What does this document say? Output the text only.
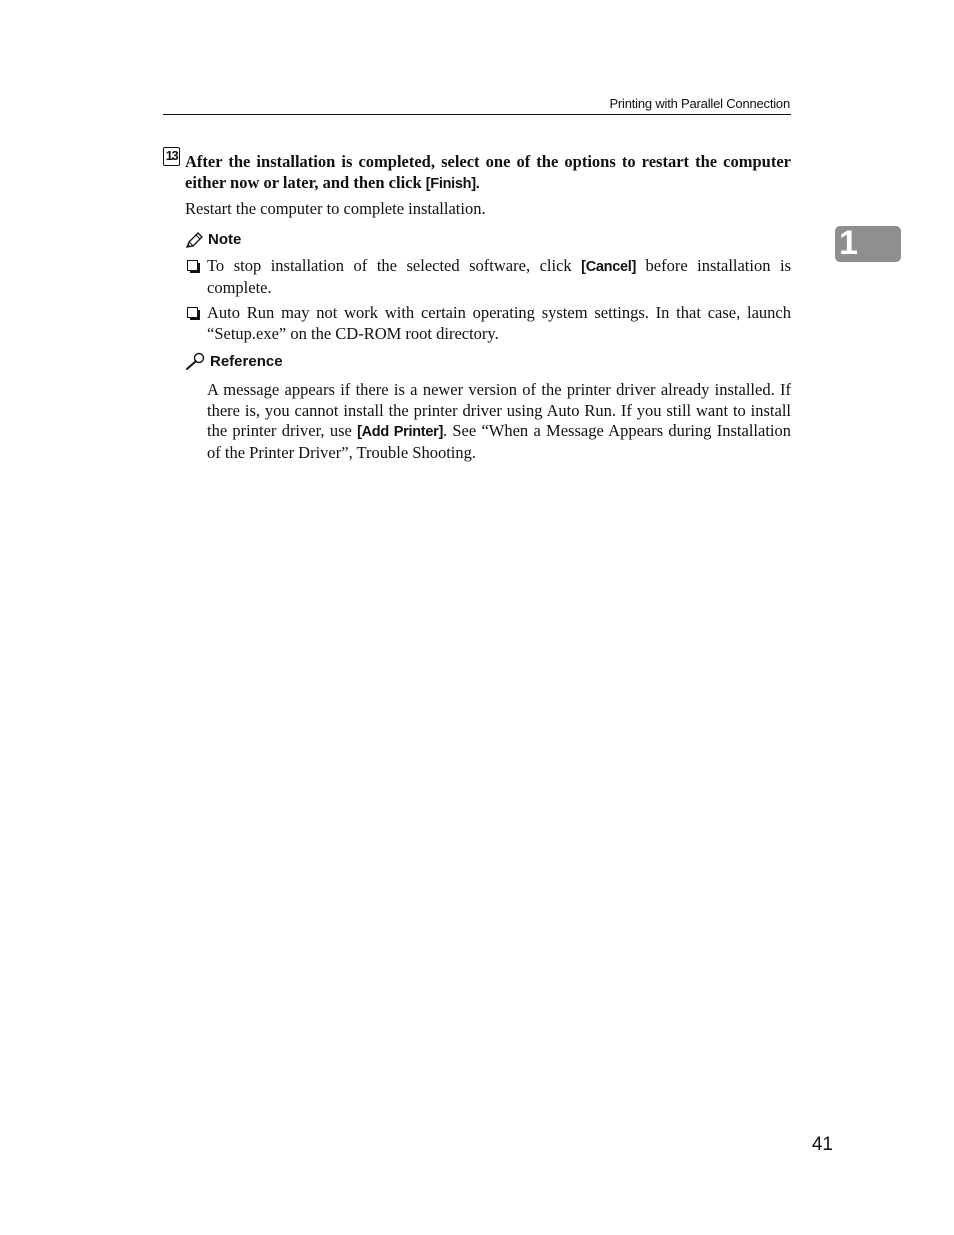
Printing with Parallel Connection
1
13 After the installation is completed, select one of the options to restart the computer either now or later, and then click [Finish].
Restart the computer to complete installation.
Note
To stop installation of the selected software, click [Cancel] before installation is complete.
Auto Run may not work with certain operating system settings. In that case, launch “Setup.exe” on the CD-ROM root directory.
Reference
A message appears if there is a newer version of the printer driver already installed. If there is, you cannot install the printer driver using Auto Run. If you still want to install the printer driver, use [Add Printer]. See “When a Message Appears during Installation of the Printer Driver”, Trouble Shooting.
41
